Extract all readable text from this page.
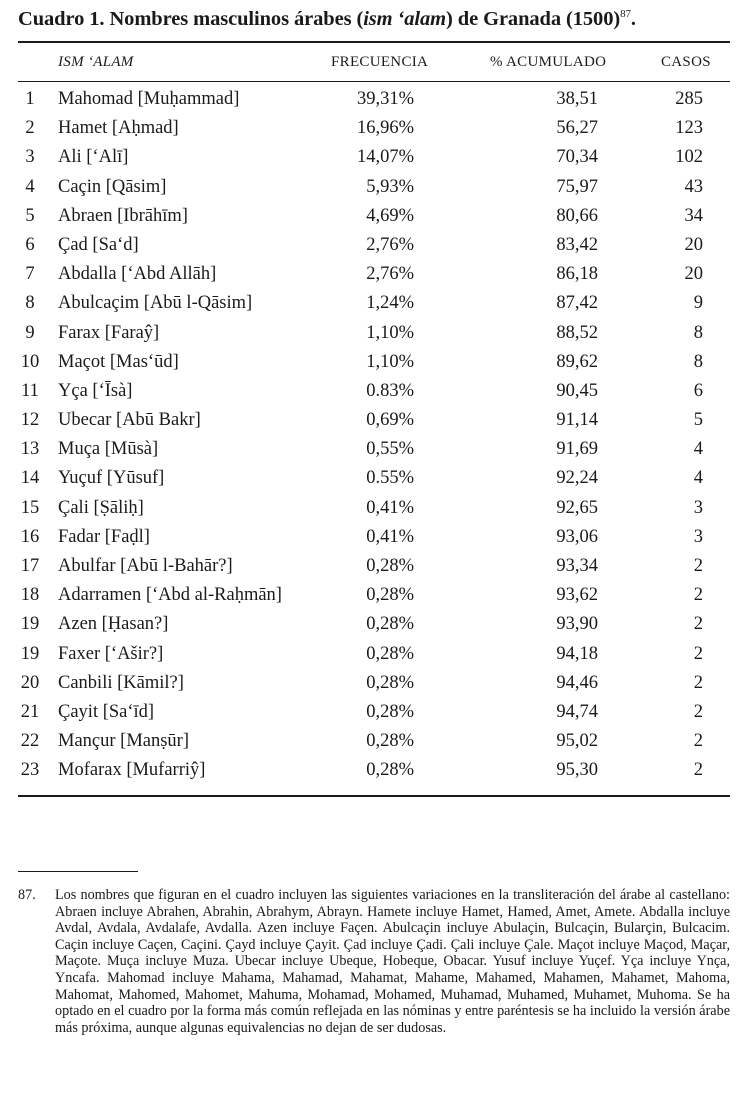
Cuadro 1. Nombres masculinos árabes (ism ‘alam) de Granada $(1500)^{87}$.
ISM ‘ALAM	FRECUENCIA	% ACUMULADO	CASOS
1 Mahomad [Muḥammad]	39,31%	38,51	285
2 Hamet [Aḥmad]	16,96%	56,27	123
3 Ali [‘Alī]	14,07%	70,34	102
4 Caçin [Qāsim]	5,93%	75,97	43
5 Abraen [Ibrāhīm]	4,69%	80,66	34
6 Çad [Sa‘d]	2,76%	83,42	20
7 Abdalla [‘Abd Allāh]	2,76%	86,18	20
8 Abulcaçim [Abū l-Qāsim]	1,24%	87,42	9
9 Farax [Faraŷ]	1,10%	88,52	8
10 Maçot [Mas‘ūd]	1,10%	89,62	8
11 Yça [‘Īsà]	0.83%	90,45	6
12 Ubecar [Abū Bakr]	0,69%	91,14	5
13 Muça [Mūsà]	0,55%	91,69	4
14 Yuçuf [Yūsuf]	0.55%	92,24	4
15 Çali [Ṣāliḥ]	0,41%	92,65	3
16 Fadar [Faḍl]	0,41%	93,06	3
17 Abulfar [Abū l-Bahār?]	0,28%	93,34	2
18 Adarramen [‘Abd al-Raḥmān]	0,28%	93,62	2
19 Azen [Ḥasan?]	0,28%	93,90	2
19 Faxer [‘Ašir?]	0,28%	94,18	2
20 Canbili [Kāmil?]	0,28%	94,46	2
21 Çayit [Sa‘īd]	0,28%	94,74	2
22 Mançur [Manṣūr]	0,28%	95,02	2
23 Mofarax [Mufarriŷ]	0,28%	95,30	2
87. Los nombres que figuran en el cuadro incluyen las siguientes variaciones en la transliteración del árabe al castellano: Abraen incluye Abrahen, Abrahin, Abrahym, Abrayn. Hamete incluye Hamet, Hamed, Amet, Amete. Abdalla incluye Avdal, Avdala, Avdalafe, Avdalla. Azen incluye Façen. Abulcaçin incluye Abulaçin, Bulcaçin, Bularçin, Bulcacim. Caçin incluye Caçen, Caçini. Çayd incluye Çayit. Çad incluye Çadi. Çali incluye Çale. Maçot incluye Maçod, Maçar, Maçote. Muça incluye Muza. Ubecar incluye Ubeque, Hobeque, Obacar. Yusuf incluye Yuçef. Yça incluye Ynça, Yncafa. Mahomad incluye Mahama, Mahamad, Mahamat, Mahame, Mahamed, Mahamen, Mahamet, Mahoma, Mahomat, Mahomed, Mahomet, Mahuma, Mohamad, Mohamed, Muhamad, Muhamed, Muhamet, Muhoma. Se ha optado en el cuadro por la forma más común reflejada en las nóminas y entre paréntesis se ha incluido la versión árabe más próxima, aunque algunas equivalencias no dejan de ser dudosas.
